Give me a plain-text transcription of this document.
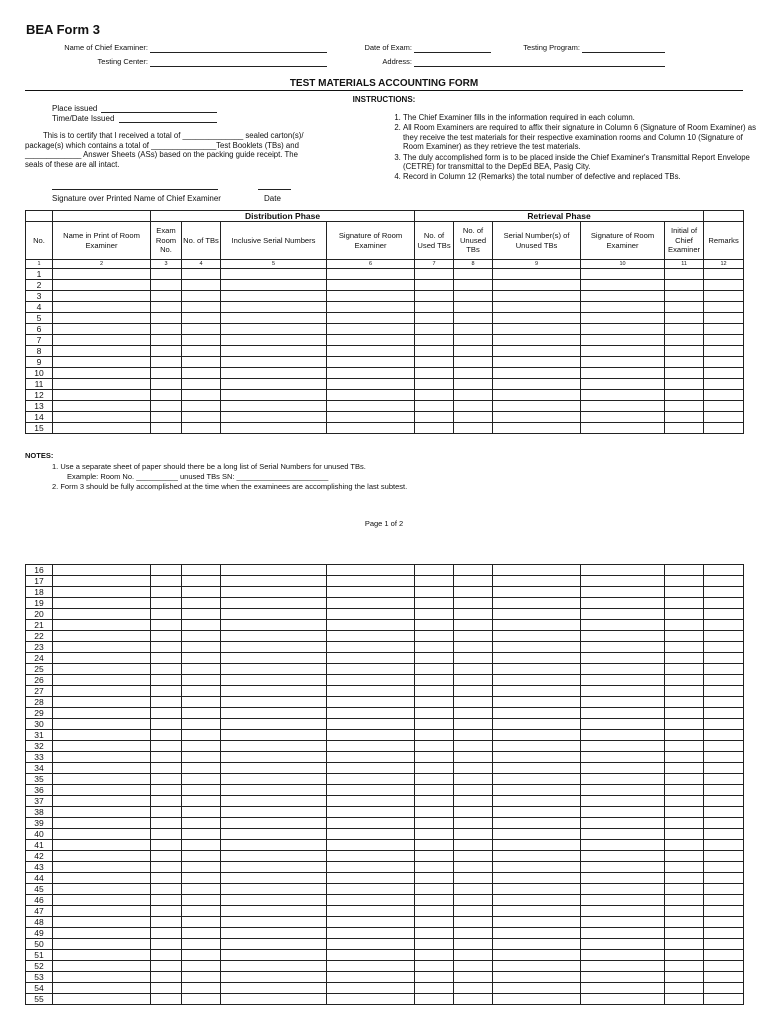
BEA Form 3
Name of Chief Examiner:
Testing Center:
Date of Exam:	Testing Program:
Address:
TEST MATERIALS ACCOUNTING FORM
INSTRUCTIONS:
Place issued
Time/Date Issued
This is to certify that I received a total of ______________ sealed carton(s)/
package(s) which contains a total of _______________Test Booklets (TBs) and
_____________ Answer Sheets (ASs) based on the packing guide receipt. The
seals of these are all intact.
Signature over Printed Name of Chief Examiner	Date
1. The Chief Examiner fills in the information required in each column.
2. All Room Examiners are required to affix their signature in Column 6 (Signature of Room Examiner) as they receive the test materials for their respective examination rooms and Column 10 (Signature of Room Examiner) as they retrieve the test materials.
3. The duly accomplished form is to be placed inside the Chief Examiner's Transmittal Report Envelope (CETRE) for transmittal to the DepEd BEA, Pasig City.
4. Record in Column 12 (Remarks) the total number of defective and replaced TBs.
		Distribution Phase				Retrieval Phase					
No.	Name in Print of Room Examiner	Exam Room No.	No. of TBs	Inclusive Serial Numbers	Signature of Room Examiner	No. of Used TBs	No. of Unused TBs	Serial Number(s) of Unused TBs	Signature of Room Examiner	Initial of Chief Examiner	Remarks
1	2	3	4	5	6	7	8	9	10	11	12
1											
2											
3											
4											
5											
6											
7											
8											
9											
10											
11											
12											
13											
14											
15											
NOTES:
1. Use a separate sheet of paper should there be a long list of Serial Numbers for unused TBs.
Example: Room No. __________ unused TBs SN: ______________________
2. Form 3 should be fully accomplished at the time when the examinees are accomplishing the last subtest.
Page 1 of 2
16											
17											
18											
19											
20											
21											
22											
23											
24											
25											
26											
27											
28											
29											
30											
31											
32											
33											
34											
35											
36											
37											
38											
39											
40											
41											
42											
43											
44											
45											
46											
47											
48											
49											
50											
51											
52											
53											
54											
55											
